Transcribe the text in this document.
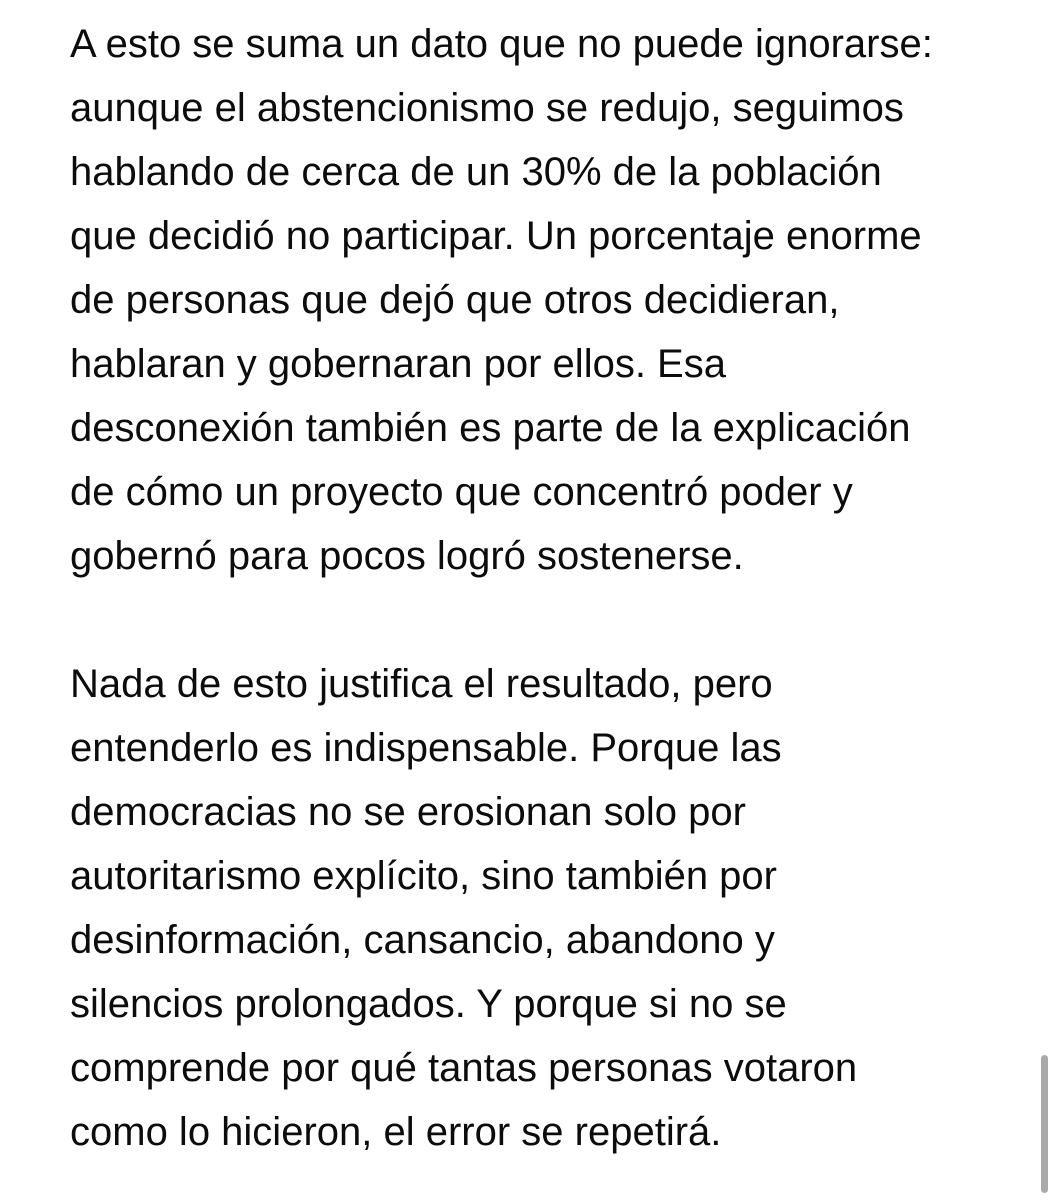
A esto se suma un dato que no puede ignorarse:
aunque el abstencionismo se redujo, seguimos
hablando de cerca de un 30% de la población
que decidió no participar. Un porcentaje enorme
de personas que dejó que otros decidieran,
hablaran y gobernaran por ellos. Esa
desconexión también es parte de la explicación
de cómo un proyecto que concentró poder y
gobernó para pocos logró sostenerse.
Nada de esto justifica el resultado, pero
entenderlo es indispensable. Porque las
democracias no se erosionan solo por
autoritarismo explícito, sino también por
desinformación, cansancio, abandono y
silencios prolongados. Y porque si no se
comprende por qué tantas personas votaron
como lo hicieron, el error se repetirá.
